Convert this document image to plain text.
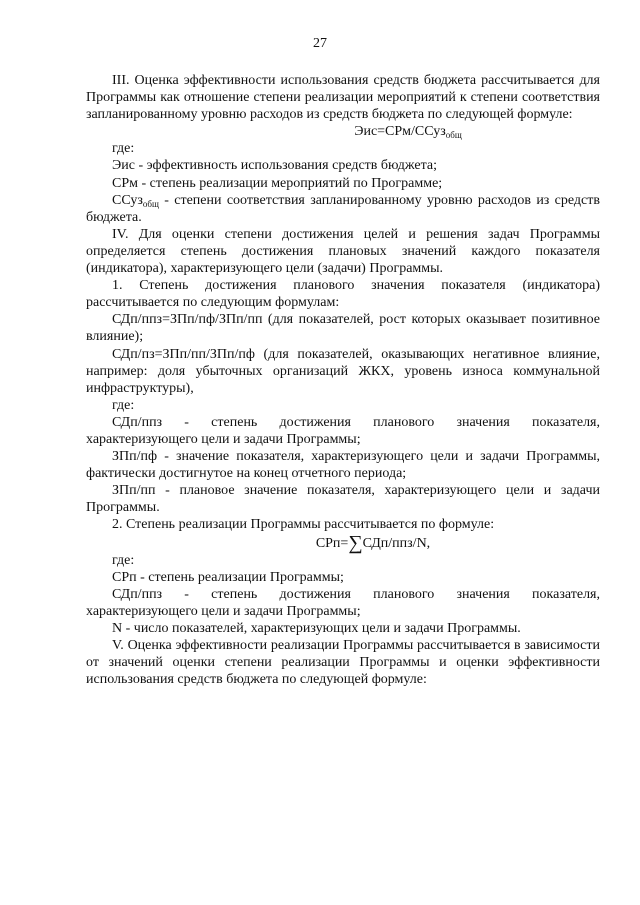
27

III. Оценка эффективности использования средств бюджета рассчитывается для Программы как отношение степени реализации мероприятий к степени соответствия запланированному уровню расходов из средств бюджета по следующей формуле:

Эис=СРм/ССуз$_{общ}$

где:

Эис - эффективность использования средств бюджета;

СРм - степень реализации мероприятий по Программе;

ССуз$_{общ}$ - степени соответствия запланированному уровню расходов из средств бюджета.

IV. Для оценки степени достижения целей и решения задач Программы определяется степень достижения плановых значений каждого показателя (индикатора), характеризующего цели (задачи) Программы.

1. Степень достижения планового значения показателя (индикатора) рассчитывается по следующим формулам:

СДп/ппз=ЗПп/пф/ЗПп/пп (для показателей, рост которых оказывает позитивное влияние);

СДп/пз=ЗПп/пп/ЗПп/пф (для показателей, оказывающих негативное влияние, например: доля убыточных организаций ЖКХ, уровень износа коммунальной инфраструктуры),

где:

СДп/ппз - степень достижения планового значения показателя, характеризующего цели и задачи Программы;

ЗПп/пф - значение показателя, характеризующего цели и задачи Программы, фактически достигнутое на конец отчетного периода;

ЗПп/пп - плановое значение показателя, характеризующего цели и задачи Программы.

2. Степень реализации Программы рассчитывается по формуле:

СРп=∑СДп/ппз/N,

где:

СРп - степень реализации Программы;

СДп/ппз - степень достижения планового значения показателя, характеризующего цели и задачи Программы;

N - число показателей, характеризующих цели и задачи Программы.

V. Оценка эффективности реализации Программы рассчитывается в зависимости от значений оценки степени реализации Программы и оценки эффективности использования средств бюджета по следующей формуле:
